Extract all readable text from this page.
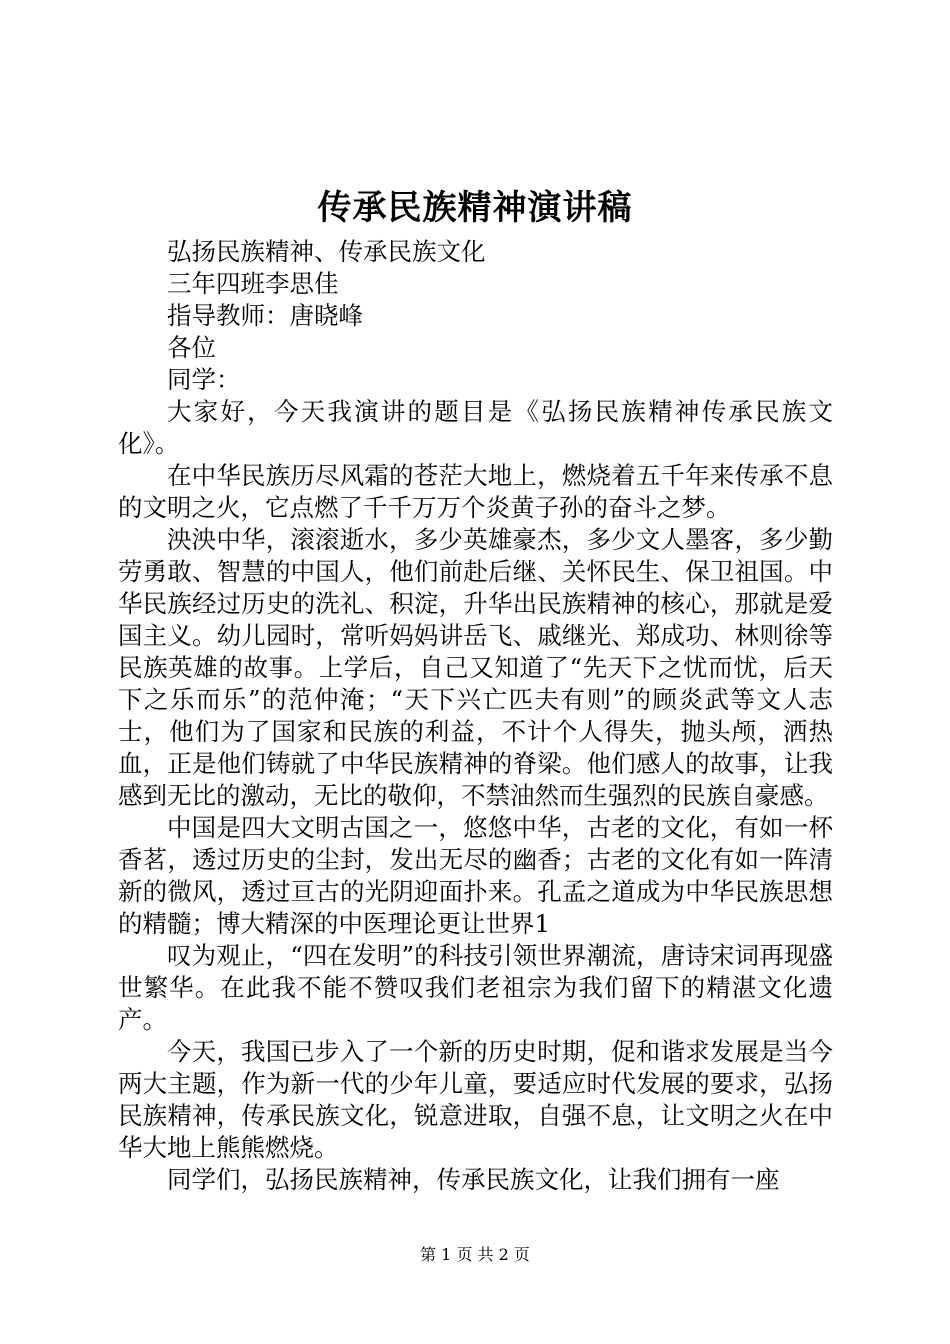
传承民族精神演讲稿

弘扬民族精神、传承民族文化

三年四班李思佳

指导教师：唐晓峰

各位

同学：

大家好，今天我演讲的题目是《弘扬民族精神传承民族文化》。

在中华民族历尽风霜的苍茫大地上，燃烧着五千年来传承不息的文明之火，它点燃了千千万万个炎黄子孙的奋斗之梦。

泱泱中华，滚滚逝水，多少英雄豪杰，多少文人墨客，多少勤劳勇敢、智慧的中国人，他们前赴后继、关怀民生、保卫祖国。中华民族经过历史的洗礼、积淀，升华出民族精神的核心，那就是爱国主义。幼儿园时，常听妈妈讲岳飞、戚继光、郑成功、林则徐等民族英雄的故事。上学后，自己又知道了“先天下之忧而忧，后天下之乐而乐”的范仲淹；“天下兴亡匹夫有则”的顾炎武等文人志士，他们为了国家和民族的利益，不计个人得失，抛头颅，洒热血，正是他们铸就了中华民族精神的脊梁。他们感人的故事，让我感到无比的激动，无比的敬仰，不禁油然而生强烈的民族自豪感。

中国是四大文明古国之一，悠悠中华，古老的文化，有如一杯香茗，透过历史的尘封，发出无尽的幽香；古老的文化有如一阵清新的微风，透过亘古的光阴迎面扑来。孔孟之道成为中华民族思想的精髓；博大精深的中医理论更让世界1

叹为观止，“四在发明”的科技引领世界潮流，唐诗宋词再现盛世繁华。在此我不能不赞叹我们老祖宗为我们留下的精湛文化遗产。

今天，我国已步入了一个新的历史时期，促和谐求发展是当今两大主题，作为新一代的少年儿童，要适应时代发展的要求，弘扬民族精神，传承民族文化，锐意进取，自强不息，让文明之火在中华大地上熊熊燃烧。

同学们，弘扬民族精神，传承民族文化，让我们拥有一座

第 1 页 共 2 页
